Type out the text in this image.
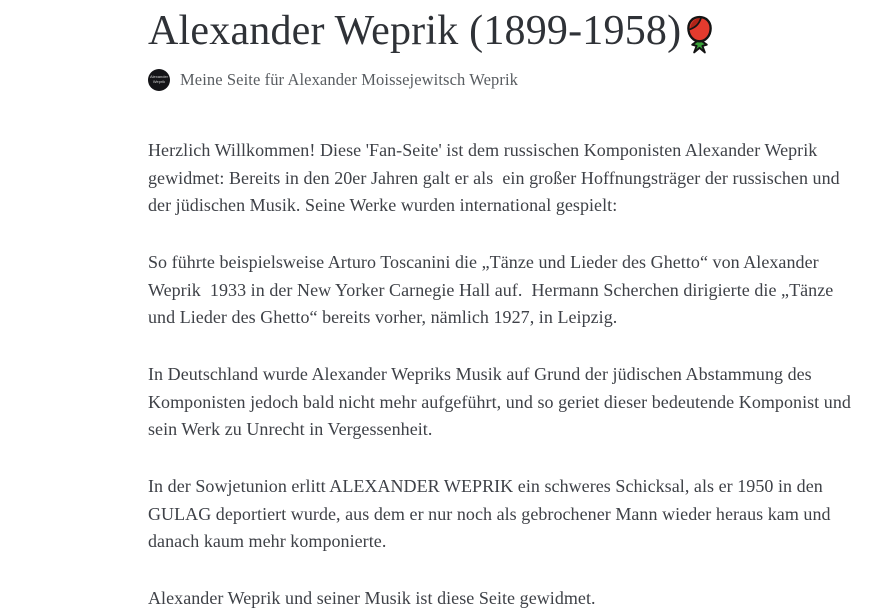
Alexander Weprik (1899-1958)
Alexander
Weprik Meine Seite für Alexander Moissejewitsch Weprik

Herzlich Willkommen! Diese 'Fan-Seite' ist dem russischen Komponisten Alexander Weprik gewidmet: Bereits in den 20er Jahren galt er als  ein großer Hoffnungsträger der russischen und der jüdischen Musik. Seine Werke wurden international gespielt:

So führte beispielsweise Arturo Toscanini die „Tänze und Lieder des Ghetto“ von Alexander Weprik  1933 in der New Yorker Carnegie Hall auf.  Hermann Scherchen dirigierte die „Tänze und Lieder des Ghetto“ bereits vorher, nämlich 1927, in Leipzig.

In Deutschland wurde Alexander Wepriks Musik auf Grund der jüdischen Abstammung des Komponisten jedoch bald nicht mehr aufgeführt, und so geriet dieser bedeutende Komponist und sein Werk zu Unrecht in Vergessenheit.

In der Sowjetunion erlitt ALEXANDER WEPRIK ein schweres Schicksal, als er 1950 in den GULAG deportiert wurde, aus dem er nur noch als gebrochener Mann wieder heraus kam und danach kaum mehr komponierte.

Alexander Weprik und seiner Musik ist diese Seite gewidmet.
